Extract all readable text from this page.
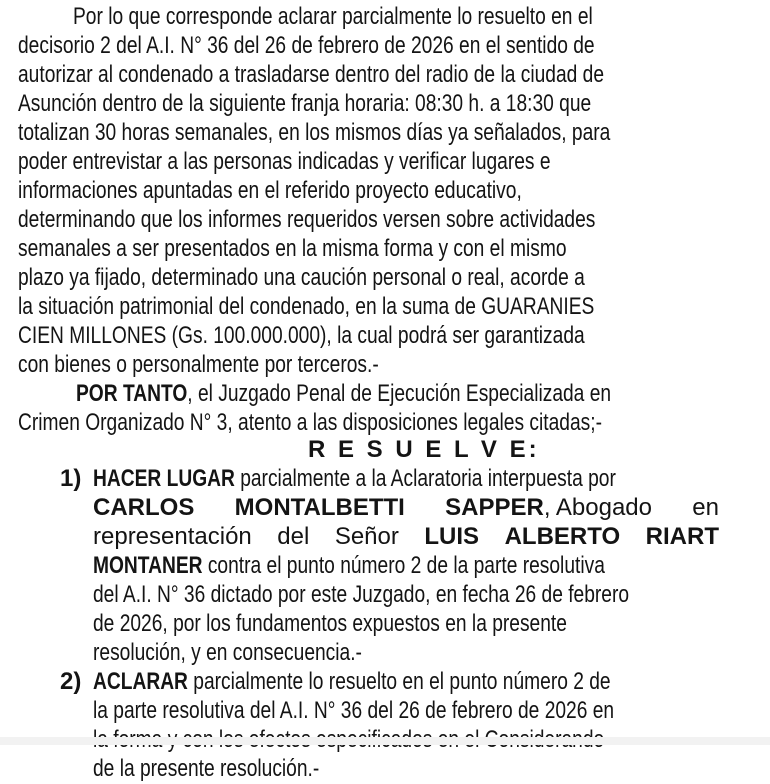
Por lo que corresponde aclarar parcialmente lo resuelto en el
decisorio 2 del A.I. N° 36 del 26 de febrero de 2026 en el sentido de
autorizar al condenado a trasladarse dentro del radio de la ciudad de
Asunción dentro de la siguiente franja horaria: 08:30 h. a 18:30 que
totalizan 30 horas semanales, en los mismos días ya señalados, para
poder entrevistar a las personas indicadas y verificar lugares e
informaciones apuntadas en el referido proyecto educativo,
determinando que los informes requeridos versen sobre actividades
semanales a ser presentados en la misma forma y con el mismo
plazo ya fijado, determinado una caución personal o real, acorde a
la situación patrimonial del condenado, en la suma de GUARANIES
CIEN MILLONES (Gs. 100.000.000), la cual podrá ser garantizada
con bienes o personalmente por terceros.-
POR TANTO, el Juzgado Penal de Ejecución Especializada en
Crimen Organizado N° 3, atento a las disposiciones legales citadas;-
R E S U E L V E:
1) HACER LUGAR parcialmente a la Aclaratoria interpuesta por
CARLOS MONTALBETTI SAPPER, Abogado en
representación del Señor LUIS ALBERTO RIART
MONTANER contra el punto número 2 de la parte resolutiva
del A.I. N° 36 dictado por este Juzgado, en fecha 26 de febrero
de 2026, por los fundamentos expuestos en la presente
resolución, y en consecuencia.-
2) ACLARAR parcialmente lo resuelto en el punto número 2 de
la parte resolutiva del A.I. N° 36 del 26 de febrero de 2026 en
de la presente resolución.-
